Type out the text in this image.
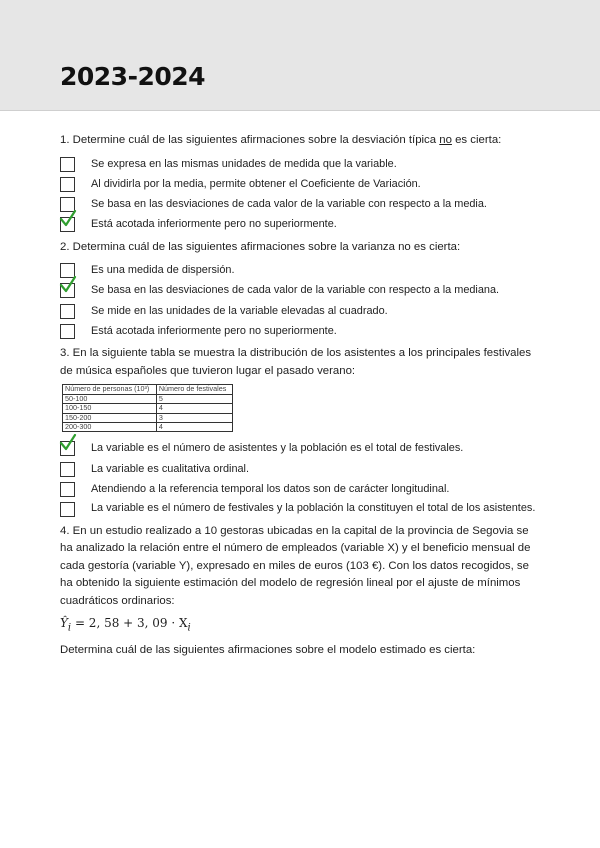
2023-2024

1. Determine cuál de las siguientes afirmaciones sobre la desviación típica no es cierta:

Se expresa en las mismas unidades de medida que la variable.
Al dividirla por la media, permite obtener el Coeficiente de Variación.
Se basa en las desviaciones de cada valor de la variable con respecto a la media.
Está acotada inferiormente pero no superiormente.

2. Determina cuál de las siguientes afirmaciones sobre la varianza no es cierta:

Es una medida de dispersión.
Se basa en las desviaciones de cada valor de la variable con respecto a la mediana.
Se mide en las unidades de la variable elevadas al cuadrado.
Está acotada inferiormente pero no superiormente.

3. En la siguiente tabla se muestra la distribución de los asistentes a los principales festivales de música españoles que tuvieron lugar el pasado verano:

Número de personas (10³)	Número de festivales
50-100	5
100-150	4
150-200	3
200-300	4
La variable es el número de asistentes y la población es el total de festivales.
La variable es cualitativa ordinal.
Atendiendo a la referencia temporal los datos son de carácter longitudinal.
La variable es el número de festivales y la población la constituyen el total de los asistentes.

4. En un estudio realizado a 10 gestoras ubicadas en la capital de la provincia de Segovia se ha analizado la relación entre el número de empleados (variable X) y el beneficio mensual de cada gestoría (variable Y), expresado en miles de euros (103 €). Con los datos recogidos, se ha obtenido la siguiente estimación del modelo de regresión lineal por el ajuste de mínimos cuadráticos ordinarios:

$Ŷ_i = 2$, 58 + 3, $09 \cdot X_i$

Determina cuál de las siguientes afirmaciones sobre el modelo estimado es cierta:
